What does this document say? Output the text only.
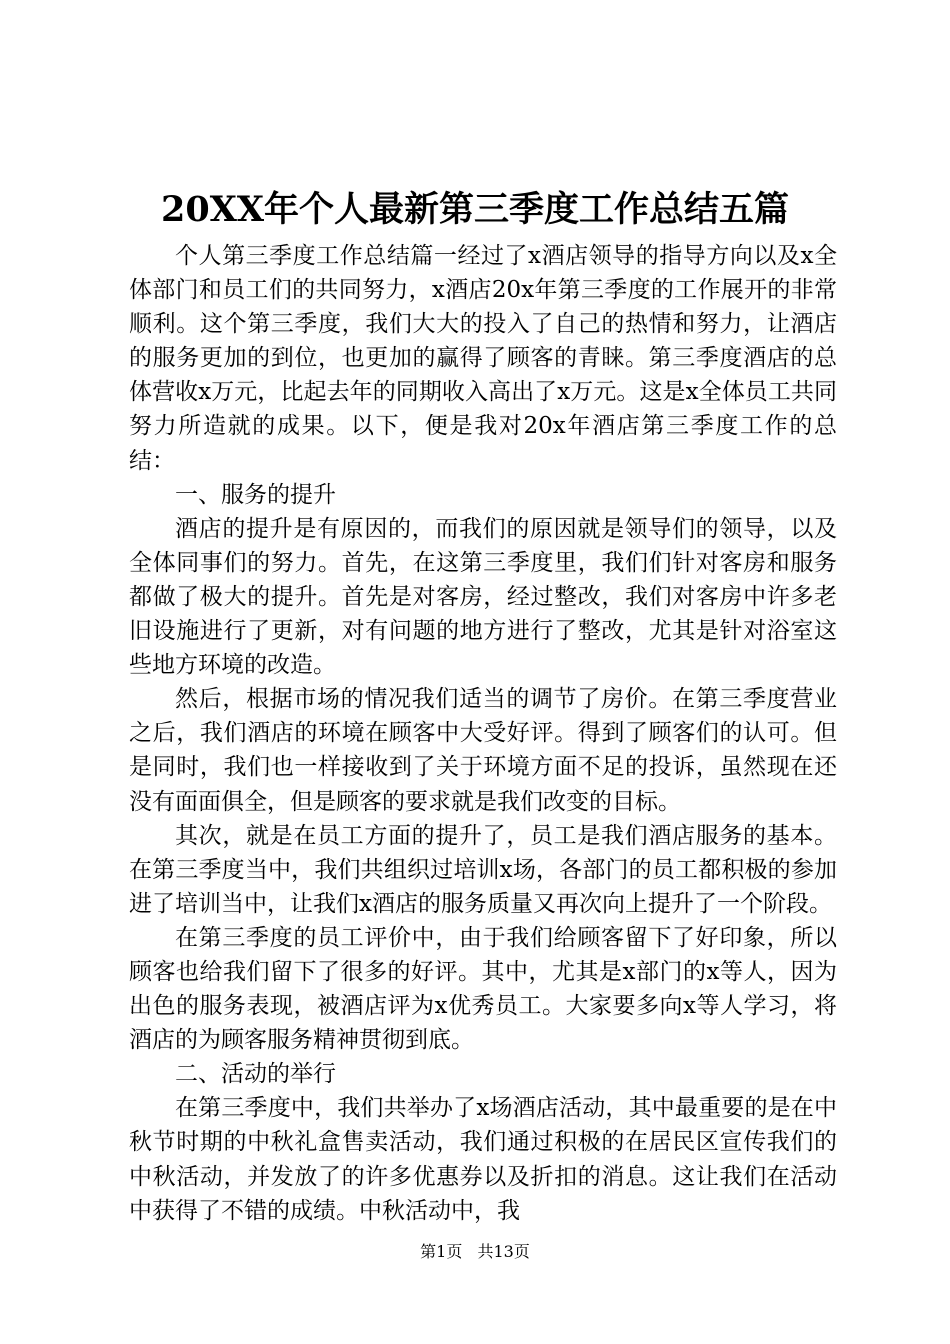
20XX年个人最新第三季度工作总结五篇

个人第三季度工作总结篇一经过了x酒店领导的指导方向以及x全体部门和员工们的共同努力，x酒店20x年第三季度的工作展开的非常顺利。这个第三季度，我们大大的投入了自己的热情和努力，让酒店的服务更加的到位，也更加的赢得了顾客的青睐。第三季度酒店的总体营收x万元，比起去年的同期收入高出了x万元。这是x全体员工共同努力所造就的成果。以下，便是我对20x年酒店第三季度工作的总结：

一、服务的提升

酒店的提升是有原因的，而我们的原因就是领导们的领导，以及全体同事们的努力。首先，在这第三季度里，我们们针对客房和服务都做了极大的提升。首先是对客房，经过整改，我们对客房中许多老旧设施进行了更新，对有问题的地方进行了整改，尤其是针对浴室这些地方环境的改造。

然后，根据市场的情况我们适当的调节了房价。在第三季度营业之后，我们酒店的环境在顾客中大受好评。得到了顾客们的认可。但是同时，我们也一样接收到了关于环境方面不足的投诉，虽然现在还没有面面俱全，但是顾客的要求就是我们改变的目标。

其次，就是在员工方面的提升了，员工是我们酒店服务的基本。在第三季度当中，我们共组织过培训x场，各部门的员工都积极的参加进了培训当中，让我们x酒店的服务质量又再次向上提升了一个阶段。

在第三季度的员工评价中，由于我们给顾客留下了好印象，所以顾客也给我们留下了很多的好评。其中，尤其是x部门的x等人，因为出色的服务表现，被酒店评为x优秀员工。大家要多向x等人学习，将酒店的为顾客服务精神贯彻到底。

二、活动的举行

在第三季度中，我们共举办了x场酒店活动，其中最重要的是在中秋节时期的中秋礼盒售卖活动，我们通过积极的在居民区宣传我们的中秋活动，并发放了的许多优惠券以及折扣的消息。这让我们在活动中获得了不错的成绩。中秋活动中，我

第1页 共13页
